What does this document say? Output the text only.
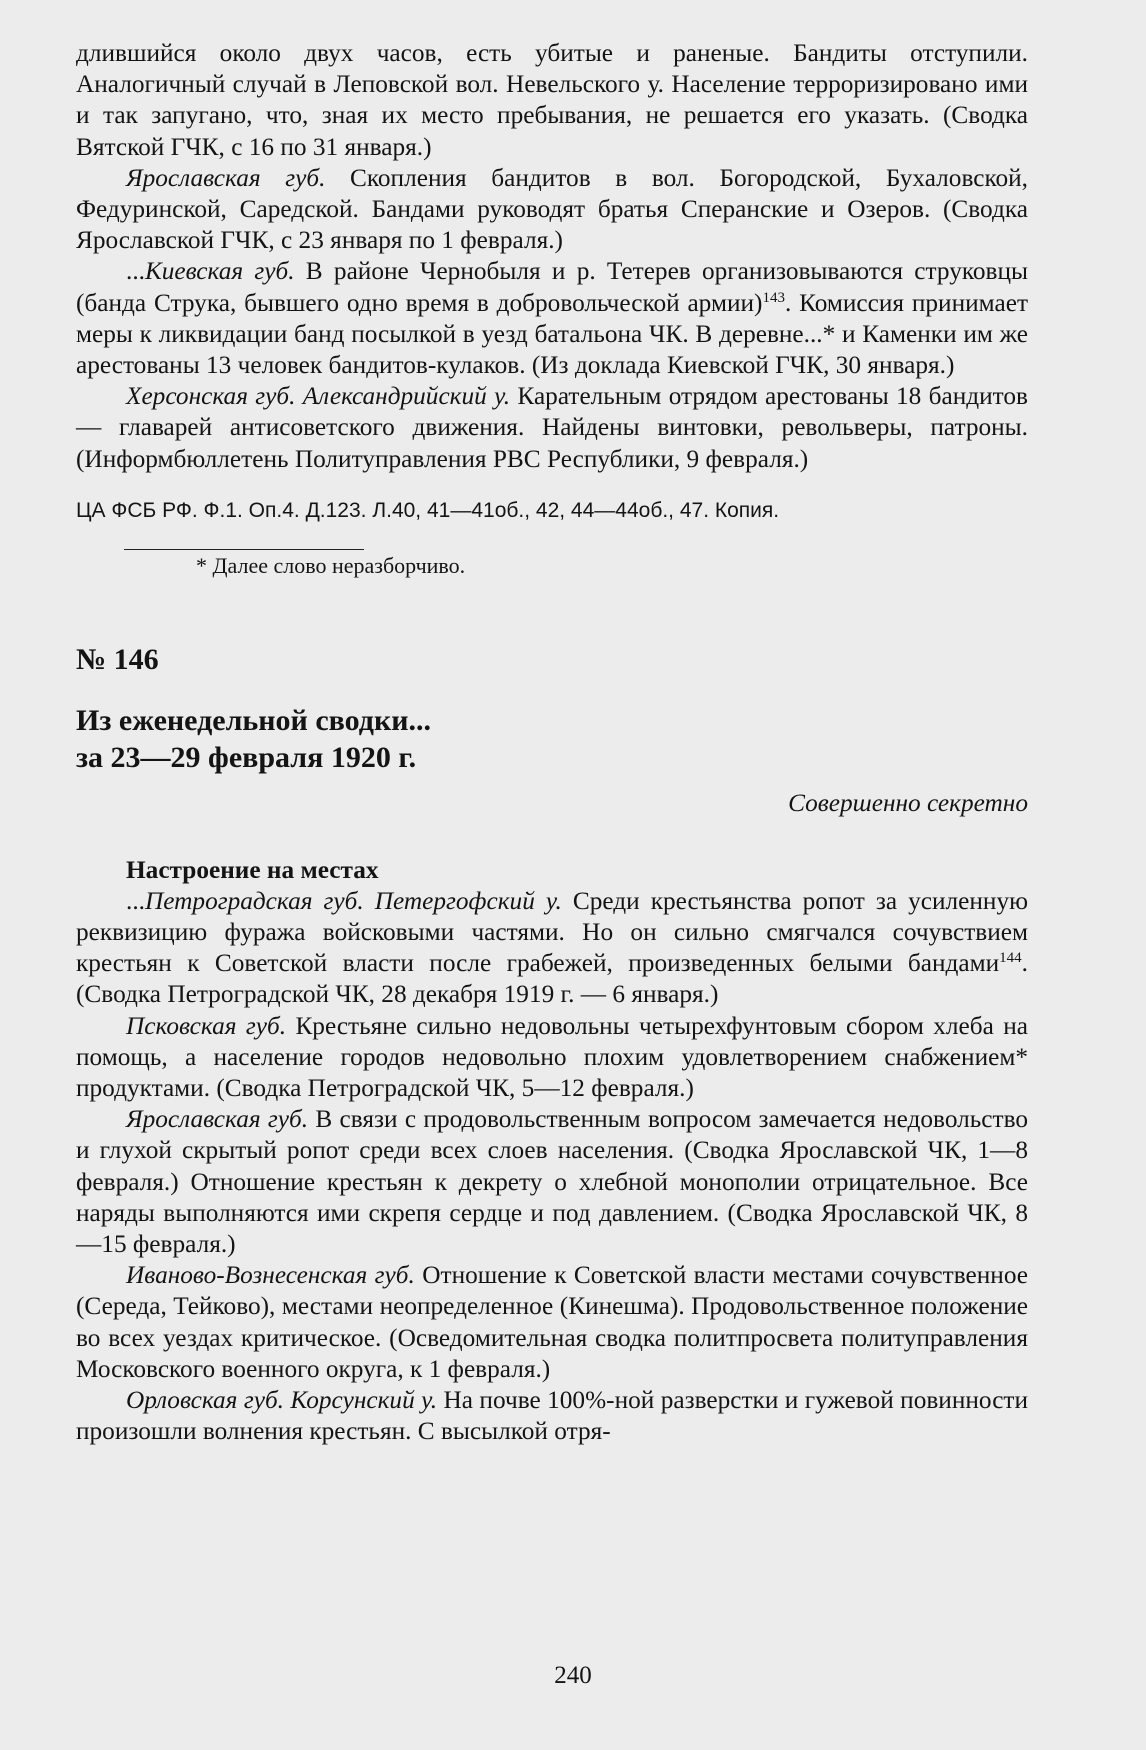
длившийся около двух часов, есть убитые и раненые. Бандиты отступили. Аналогичный случай в Леповской вол. Невельского у. Население терроризировано ими и так запугано, что, зная их место пребывания, не решается его указать. (Сводка Вятской ГЧК, с 16 по 31 января.)

Ярославская губ. Скопления бандитов в вол. Богородской, Бухаловской, Федуринской, Саредской. Бандами руководят братья Сперанские и Озеров. (Сводка Ярославской ГЧК, с 23 января по 1 февраля.)

...Киевская губ. В районе Чернобыля и р. Тетерев организовываются струковцы (банда Струка, бывшего одно время в добровольческой армии)$^{143}$. Комиссия принимает меры к ликвидации банд посылкой в уезд батальона ЧК. В деревне...* и Каменки им же арестованы 13 человек бандитов-кулаков. (Из доклада Киевской ГЧК, 30 января.)

Херсонская губ. Александрийский у. Карательным отрядом арестованы 18 бандитов — главарей антисоветского движения. Найдены винтовки, револьверы, патроны. (Информбюллетень Политуправления РВС Республики, 9 февраля.)

ЦА ФСБ РФ. Ф.1. Оп.4. Д.123. Л.40, 41—41об., 42, 44—44об., 47. Копия.

* Далее слово неразборчиво.

№ 146

Из еженедельной сводки...
за 23—29 февраля 1920 г.

Совершенно секретно

Настроение на местах

...Петроградская губ. Петергофский у. Среди крестьянства ропот за усиленную реквизицию фуража войсковыми частями. Но он сильно смягчался сочувствием крестьян к Советской власти после грабежей, произведенных белыми бандами$^{144}$. (Сводка Петроградской ЧК, 28 декабря 1919 г. — 6 января.)

Псковская губ. Крестьяне сильно недовольны четырехфунтовым сбором хлеба на помощь, а население городов недовольно плохим удовлетворением снабжением* продуктами. (Сводка Петроградской ЧК, 5—12 февраля.)

Ярославская губ. В связи с продовольственным вопросом замечается недовольство и глухой скрытый ропот среди всех слоев населения. (Сводка Ярославской ЧК, 1—8 февраля.) Отношение крестьян к декрету о хлебной монополии отрицательное. Все наряды выполняются ими скрепя сердце и под давлением. (Сводка Ярославской ЧК, 8—15 февраля.)

Иваново-Вознесенская губ. Отношение к Советской власти местами сочувственное (Середа, Тейково), местами неопределенное (Кинешма). Продовольственное положение во всех уездах критическое. (Осведомительная сводка политпросвета политуправления Московского военного округа, к 1 февраля.)

Орловская губ. Корсунский у. На почве 100%-ной разверстки и гужевой повинности произошли волнения крестьян. С высылкой отря-

240
